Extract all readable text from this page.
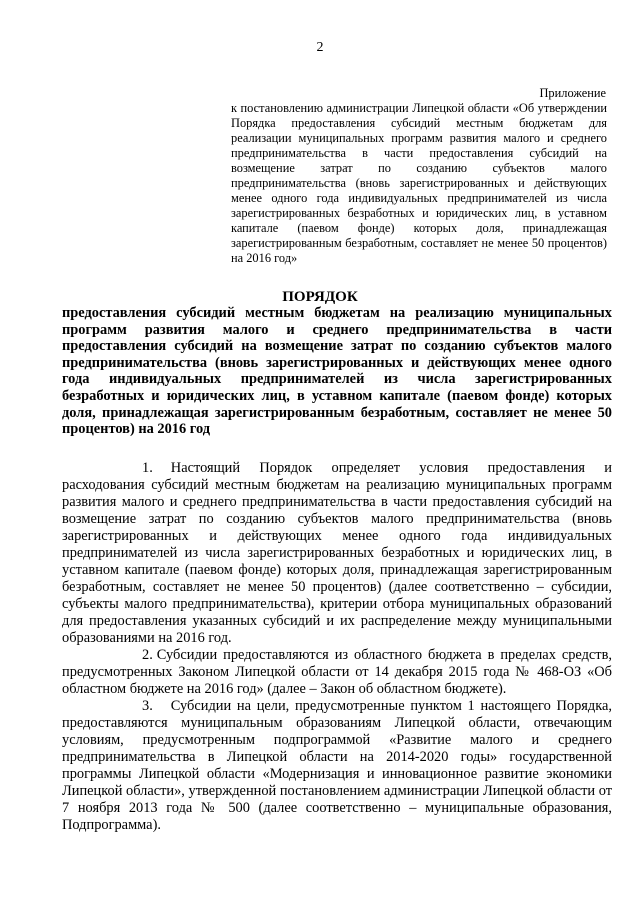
2
Приложение
к постановлению администрации Липецкой области «Об утверждении Порядка предоставления субсидий местным бюджетам для реализации муниципальных программ развития малого и среднего предпринимательства в части предоставления субсидий на возмещение затрат по созданию субъектов малого предпринимательства (вновь зарегистрированных и действующих менее одного года индивидуальных предпринимателей из числа зарегистрированных безработных и юридических лиц, в уставном капитале (паевом фонде) которых доля, принадлежащая зарегистрированным безработным, составляет не менее 50 процентов) на 2016 год»
ПОРЯДОК
предоставления субсидий местным бюджетам на реализацию муниципальных программ развития малого и среднего предпринимательства в части предоставления субсидий на возмещение затрат по созданию субъектов малого предпринимательства (вновь зарегистрированных и действующих менее одного года индивидуальных предпринимателей из числа зарегистрированных безработных и юридических лиц, в уставном капитале (паевом фонде) которых доля, принадлежащая зарегистрированным безработным, составляет не менее 50 процентов) на 2016 год

1. Настоящий Порядок определяет условия предоставления и расходования субсидий местным бюджетам на реализацию муниципальных программ развития малого и среднего предпринимательства в части предоставления субсидий на возмещение затрат по созданию субъектов малого предпринимательства (вновь зарегистрированных и действующих менее одного года индивидуальных предпринимателей из числа зарегистрированных безработных и юридических лиц, в уставном капитале (паевом фонде) которых доля, принадлежащая зарегистрированным безработным, составляет не менее 50 процентов) (далее соответственно – субсидии, субъекты малого предпринимательства), критерии отбора муниципальных образований для предоставления указанных субсидий и их распределение между муниципальными образованиями на 2016 год.

2. Субсидии предоставляются из областного бюджета в пределах средств, предусмотренных Законом Липецкой области от 14 декабря 2015 года № 468-ОЗ «Об областном бюджете на 2016 год» (далее – Закон об областном бюджете).

3. Субсидии на цели, предусмотренные пунктом 1 настоящего Порядка, предоставляются муниципальным образованиям Липецкой области, отвечающим условиям, предусмотренным подпрограммой «Развитие малого и среднего предпринимательства в Липецкой области на 2014-2020 годы» государственной программы Липецкой области «Модернизация и инновационное развитие экономики Липецкой области», утвержденной постановлением администрации Липецкой области от 7 ноября 2013 года № 500 (далее соответственно – муниципальные образования, Подпрограмма).
